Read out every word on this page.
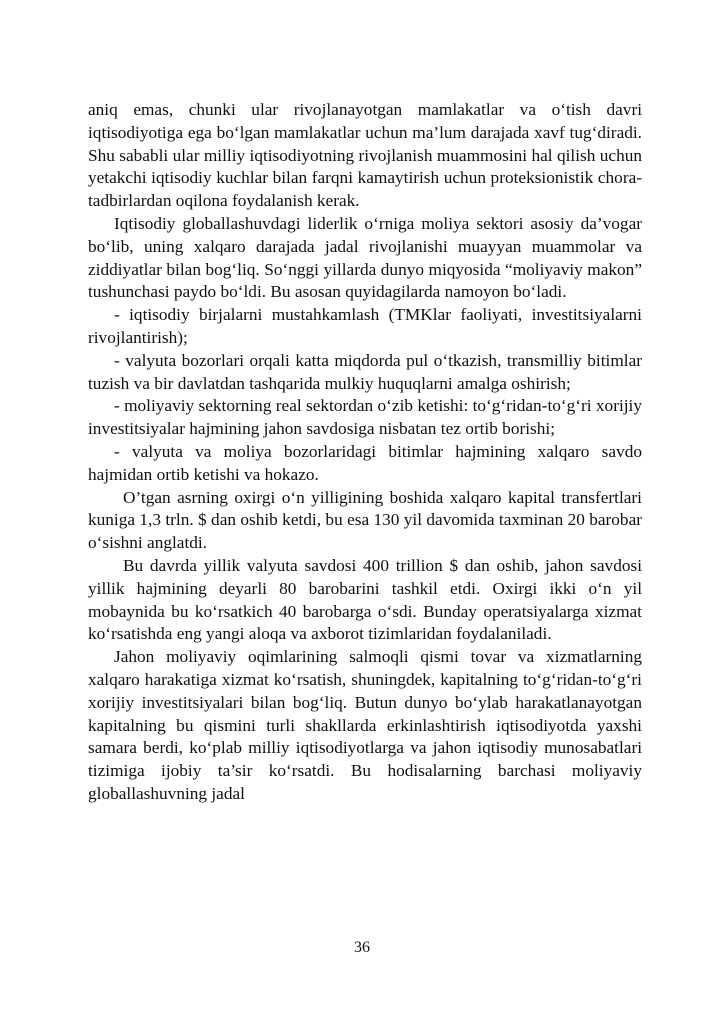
aniq emas, chunki ular rivojlanayotgan mamlakatlar va o‘tish davri iqtisodiyotiga ega bo‘lgan mamlakatlar uchun ma’lum darajada xavf tug‘diradi. Shu sababli ular milliy iqtisodiyotning rivojlanish muammosini hal qilish uchun yetakchi iqtisodiy kuchlar bilan farqni kamaytirish uchun proteksionistik chora-tadbirlardan oqilona foydalanish kerak.

Iqtisodiy globallashuvdagi liderlik o‘rniga moliya sektori asosiy da’vogar bo‘lib, uning xalqaro darajada jadal rivojlanishi muayyan muammolar va ziddiyatlar bilan bog‘liq. So‘nggi yillarda dunyo miqyosida “moliyaviy makon” tushunchasi paydo bo‘ldi. Bu asosan quyidagilarda namoyon bo‘ladi.

- iqtisodiy birjalarni mustahkamlash (TMKlar faoliyati, investitsiyalarni rivojlantirish);

- valyuta bozorlari orqali katta miqdorda pul o‘tkazish, transmilliy bitimlar tuzish va bir davlatdan tashqarida mulkiy huquqlarni amalga oshirish;

- moliyaviy sektorning real sektordan o‘zib ketishi: to‘g‘ridan-to‘g‘ri xorijiy investitsiyalar hajmining jahon savdosiga nisbatan tez ortib borishi;

- valyuta va moliya bozorlaridagi bitimlar hajmining xalqaro savdo hajmidan ortib ketishi va hokazo.

O’tgan asrning oxirgi o‘n yilligining boshida xalqaro kapital transfertlari kuniga 1,3 trln. $ dan oshib ketdi, bu esa 130 yil davomida taxminan 20 barobar o‘sishni anglatdi.

Bu davrda yillik valyuta savdosi 400 trillion $ dan oshib, jahon savdosi yillik hajmining deyarli 80 barobarini tashkil etdi. Oxirgi ikki o‘n yil mobaynida bu ko‘rsatkich 40 barobarga o‘sdi. Bunday operatsiyalarga xizmat ko‘rsatishda eng yangi aloqa va axborot tizimlaridan foydalaniladi.

Jahon moliyaviy oqimlarining salmoqli qismi tovar va xizmatlarning xalqaro harakatiga xizmat ko‘rsatish, shuningdek, kapitalning to‘g‘ridan-to‘g‘ri xorijiy investitsiyalari bilan bog‘liq. Butun dunyo bo‘ylab harakatlanayotgan kapitalning bu qismini turli shakllarda erkinlashtirish iqtisodiyotda yaxshi samara berdi, ko‘plab milliy iqtisodiyotlarga va jahon iqtisodiy munosabatlari tizimiga ijobiy ta’sir ko‘rsatdi. Bu hodisalarning barchasi moliyaviy globallashuvning jadal

36
